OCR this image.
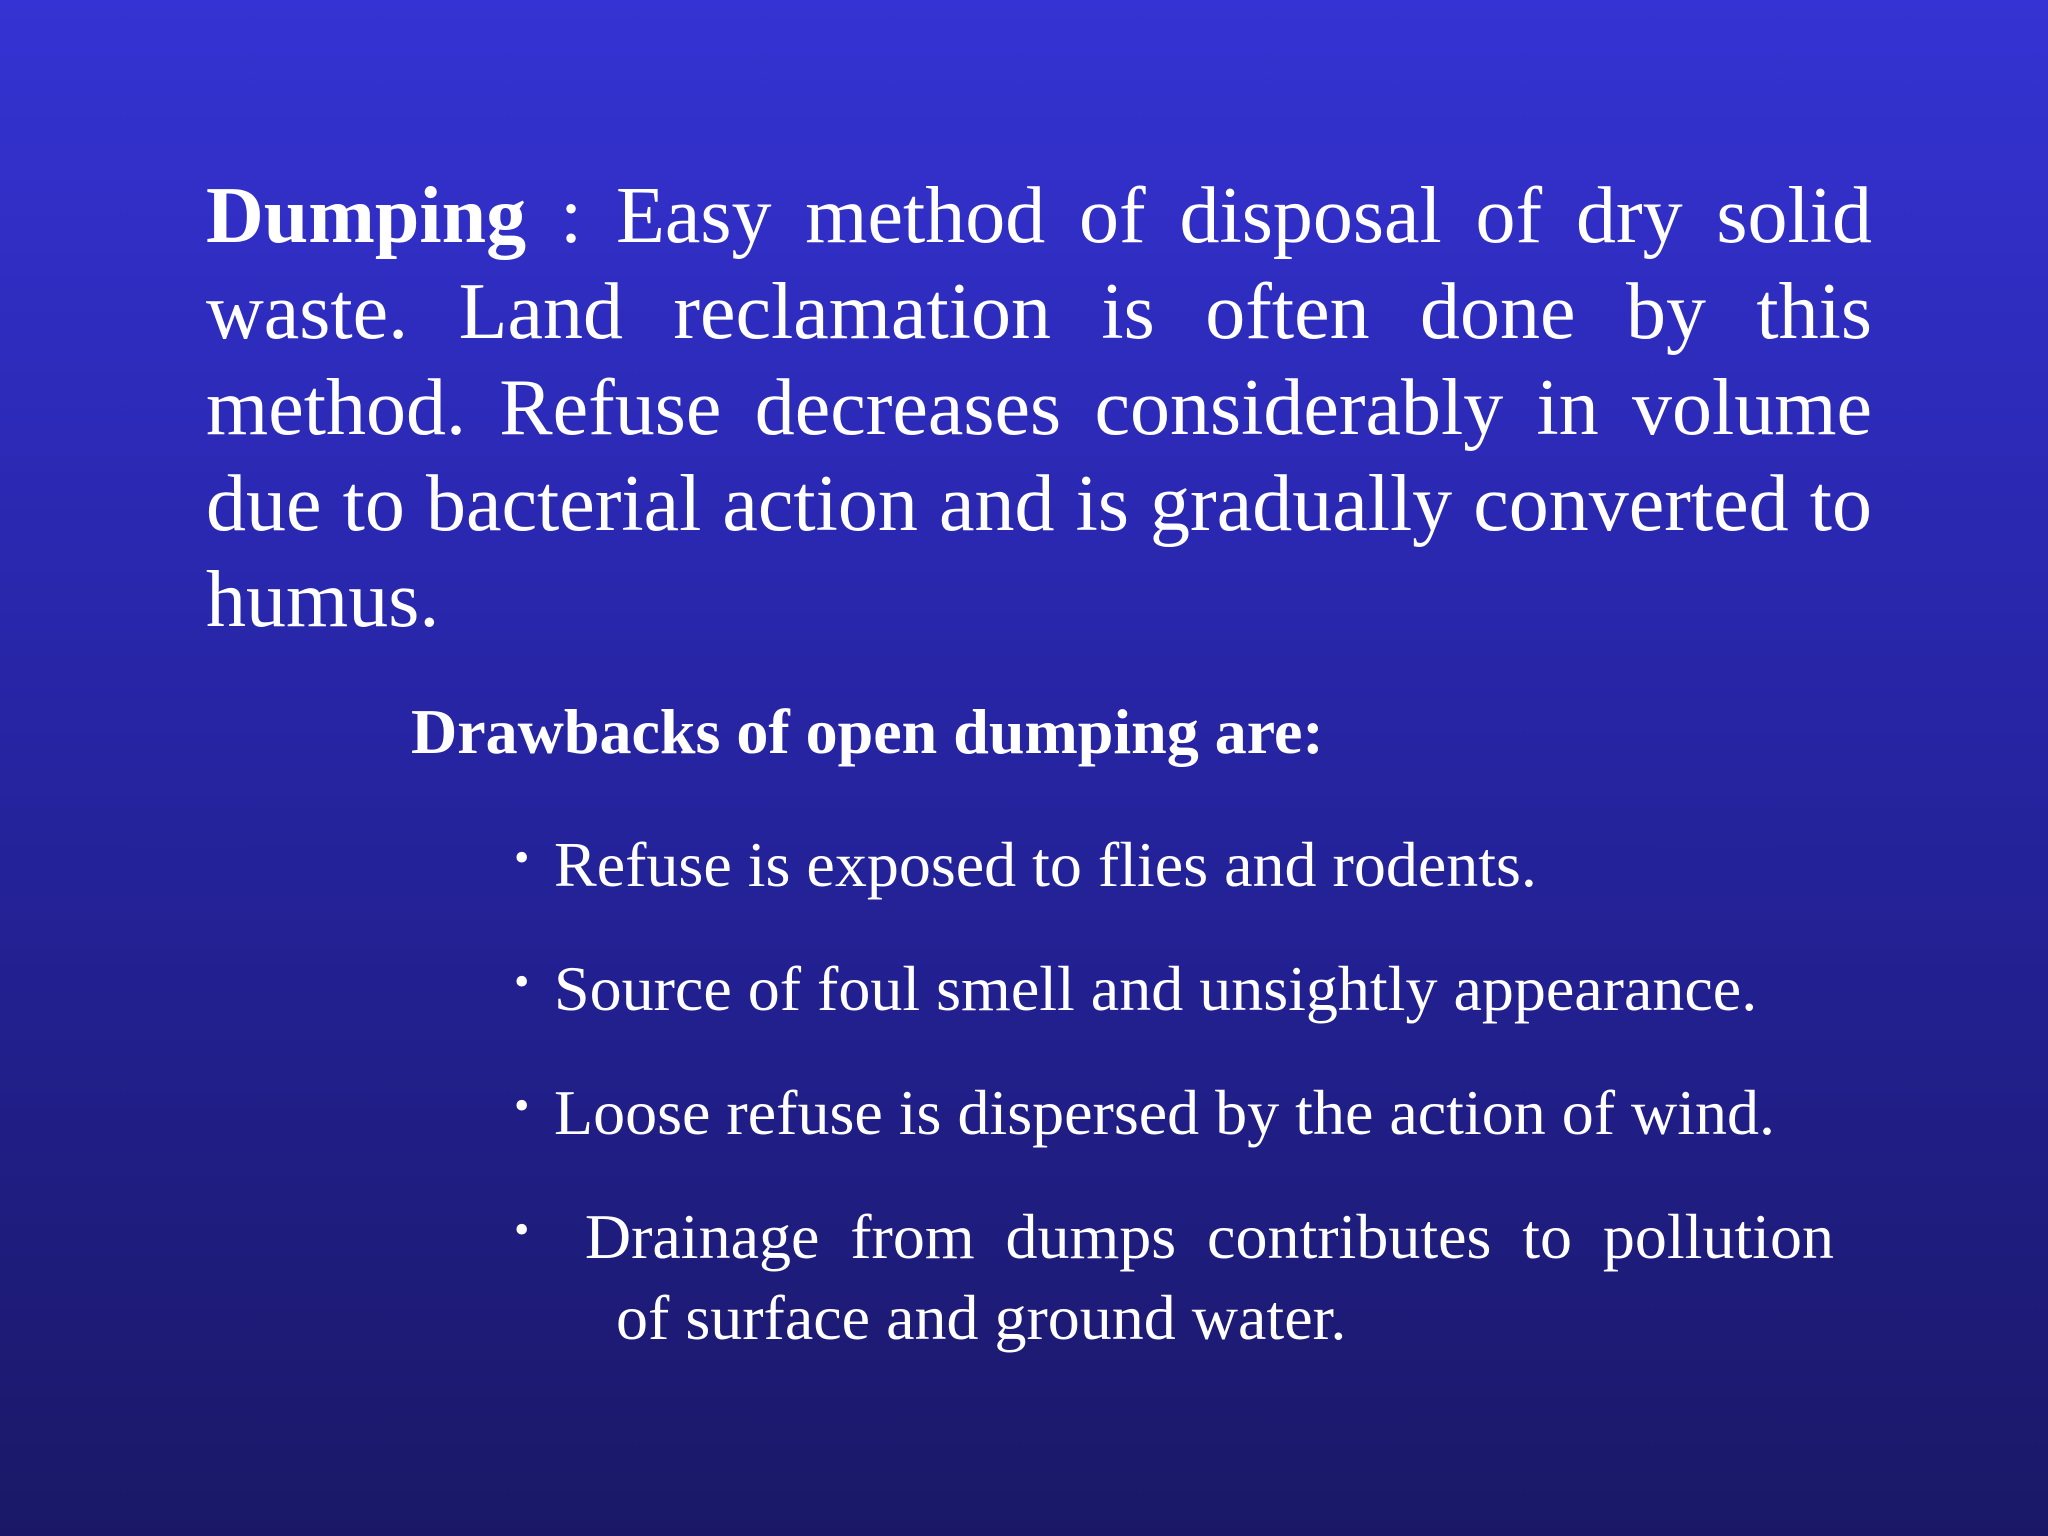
Dumping : Easy method of disposal of dry solid waste. Land reclamation is often done by this method. Refuse decreases considerably in volume due to bacterial action and is gradually converted to humus.

Drawbacks of open dumping are:

• Refuse is exposed to flies and rodents.
• Source of foul smell and unsightly appearance.
• Loose refuse is dispersed by the action of wind.
• Drainage from dumps contributes to pollution
of surface and ground water.
